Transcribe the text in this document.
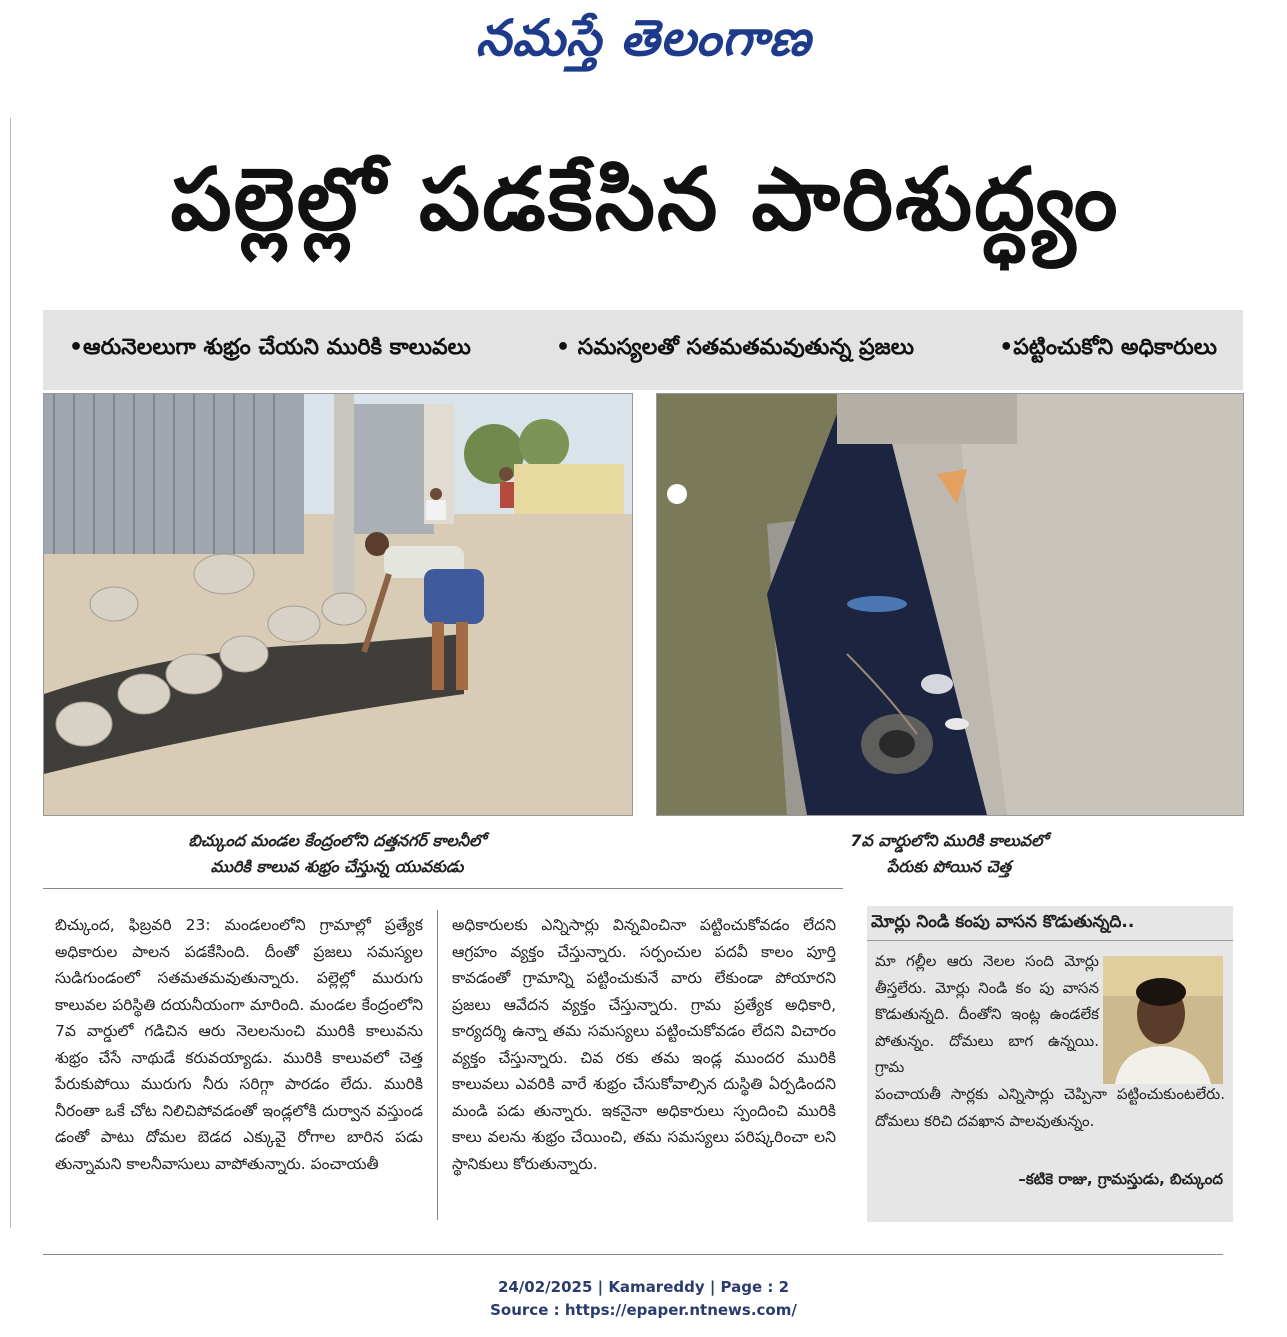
నమస్తే తెలంగాణ
పల్లెల్లో పడకేసిన పారిశుద్ధ్యం
•ఆరునెలలుగా శుభ్రం చేయని మురికి కాలువలు	• సమస్యలతో సతమతమవుతున్న ప్రజలు	•పట్టించుకోని అధికారులు
బిచ్కుంద మండల కేంద్రంలోని దత్తనగర్ కాలనీలో
మురికి కాలువ శుభ్రం చేస్తున్న యువకుడు
7వ వార్డులోని మురికి కాలువలో
పేరుకు పోయిన చెత్త
బిచ్కుంద, ఫిబ్రవరి 23: మండలంలోని గ్రామాల్లో ప్రత్యేక అధికారుల పాలన పడకేసింది. దీంతో ప్రజలు సమస్యల సుడిగుండంలో సతమతమవుతున్నారు. పల్లెల్లో మురుగు కాలువల పరిస్థితి దయనీయంగా మారింది. మండల కేంద్రంలోని 7వ వార్డులో గడిచిన ఆరు నెలలనుంచి మురికి కాలువను శుభ్రం చేసే నాథుడే కరువయ్యాడు. మురికి కాలువలో చెత్త పేరుకుపోయి మురుగు నీరు సరిగ్గా పారడం లేదు. మురికి నీరంతా ఒకే చోట నిలిచిపోవడంతో ఇండ్లలోకి దుర్వాన వస్తుండ డంతో పాటు దోమల బెడద ఎక్కువై రోగాల బారిన పడు తున్నామని కాలనీవాసులు వాపోతున్నారు. పంచాయతీ
అధికారులకు ఎన్నిసార్లు విన్నవించినా పట్టించుకోవడం లేదని ఆగ్రహం వ్యక్తం చేస్తున్నారు. సర్పంచుల పదవీ కాలం పూర్తి కావడంతో గ్రామాన్ని పట్టించుకునే వారు లేకుండా పోయారని ప్రజలు ఆవేదన వ్యక్తం చేస్తున్నారు. గ్రామ ప్రత్యేక అధికారి, కార్యదర్శి ఉన్నా తమ సమస్యలు పట్టించుకోవడం లేదని విచారం వ్యక్తం చేస్తున్నారు. చివ రకు తమ ఇండ్ల ముందర మురికి కాలువలు ఎవరికి వారే శుభ్రం చేసుకోవాల్సిన దుస్థితి ఏర్పడిందని మండి పడు తున్నారు. ఇకనైనా అధికారులు స్పందించి మురికి కాలు వలను శుభ్రం చేయించి, తమ సమస్యలు పరిష్కరించా లని స్థానికులు కోరుతున్నారు.
మోర్లు నిండి కంపు వాసన కొడుతున్నది..
మా గల్లీల ఆరు నెలల సంది మోర్లు తీస్తలేరు. మోర్లు నిండి కం పు వాసన కొడుతున్నది. దీంతోని ఇంట్ల ఉండలేక పోతున్నం. దోమలు బాగ ఉన్నయి. గ్రామ
పంచాయతీ సార్లకు ఎన్నిసార్లు చెప్పినా పట్టించుకుంటలేరు. దోమలు కరిచి దవఖాన పాలవుతున్నం.
–కటికె రాజు, గ్రామస్తుడు, బిచ్కుంద
24/02/2025 | Kamareddy | Page : 2
Source : https://epaper.ntnews.com/
